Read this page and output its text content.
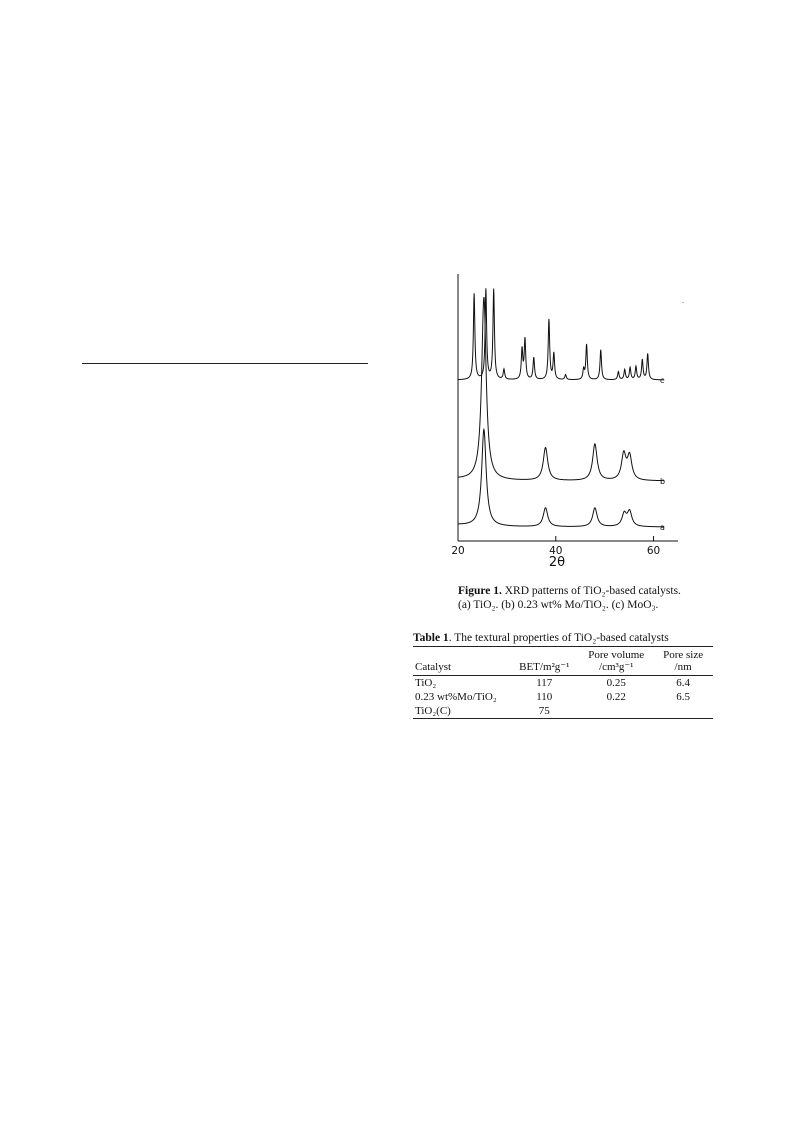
a
b
c
20	40	60
2θ
Figure 1. XRD patterns of TiO₂-based catalysts.
(a) TiO₂. (b) 0.23 wt% Mo/TiO₂. (c) MoO₃.
Table 1. The textural properties of TiO₂-based catalysts
Catalyst	BET/m²g⁻¹	Pore volume /cm³g⁻¹	Pore size /nm
TiO₂	117	0.25	6.4
0.23 wt%Mo/TiO₂	110	0.22	6.5
TiO₂(C)	75		
